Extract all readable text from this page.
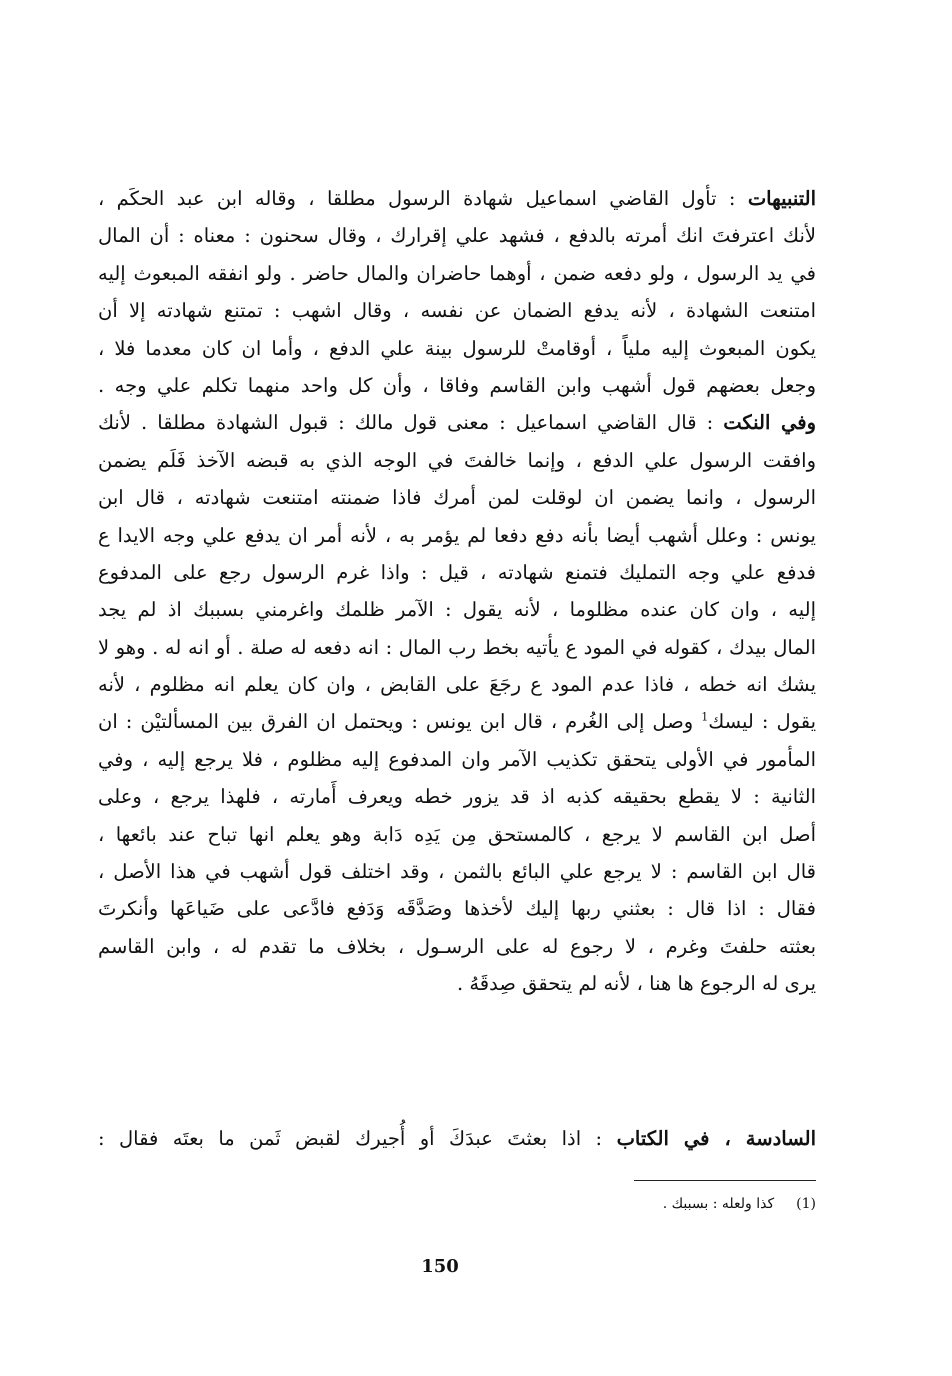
التنبيهات : تأول القاضي اسماعيل شهادة الرسول مطلقا ، وقاله ابن عبد الحكَم ،
لأنك اعترفتَ انك أمرته بالدفع ، فشهد علي إقرارك ، وقال سحنون : معناه : أن المال
في يد الرسول ، ولو دفعه ضمن ، أوهما حاضران والمال حاضر . ولو انفقه المبعوث إليه
امتنعت الشهادة ، لأنه يدفع الضمان عن نفسه ، وقال اشهب : تمتنع شهادته إلا أن
يكون المبعوث إليه ملياً ، أوقامتْ للرسول بينة علي الدفع ، وأما ان كان معدما فلا ،
وجعل بعضهم قول أشهب وابن القاسم وفاقا ، وأن كل واحد منهما تكلم علي وجه .
وفي النكت : قال القاضي اسماعيل : معنى قول مالك : قبول الشهادة مطلقا . لأنك
وافقت الرسول علي الدفع ، وإنما خالفتَ في الوجه الذي به قبضه الآخذ فَلَم يضمن
الرسول ، وانما يضمن ان لوقلت لمن أمرك فاذا ضمنته امتنعت شهادته ، قال ابن
يونس : وعلل أشهب أيضا بأنه دفع دفعا لم يؤمر به ، لأنه أمر ان يدفع علي وجه الايدا ع
فدفع علي وجه التمليك فتمنع شهادته ، قيل : واذا غرم الرسول رجع على المدفوع
إليه ، وان كان عنده مظلوما ، لأنه يقول : الآمر ظلمك واغرمني بسببك اذ لم يجد
المال بيدك ، كقوله في المود ع يأتيه بخط رب المال : انه دفعه له صلة . أو انه له . وهو لا
يشك انه خطه ، فاذا عدم المود ع رجَعَ على القابض ، وان كان يعلم انه مظلوم ، لأنه
يقول : ليسك$^1$ وصل إلى الغُرم ، قال ابن يونس : ويحتمل ان الفرق بين المسألتيْن : ان
المأمور في الأولى يتحقق تكذيب الآمر وان المدفوع إليه مظلوم ، فلا يرجع إليه ، وفي
الثانية : لا يقطع بحقيقه كذبه اذ قد يزور خطه ويعرف أَمارته ، فلهذا يرجع ، وعلى
أصل ابن القاسم لا يرجع ، كالمستحق مِن يَدِه دَابة وهو يعلم انها تباح عند بائعها ،
قال ابن القاسم : لا يرجع علي البائع بالثمن ، وقد اختلف قول أشهب في هذا الأصل ،
فقال : اذا قال : بعثني ربها إليك لأخذها وصَدَّقَه وَدَفع فادَّعى على ضَياعَها وأنكرتَ
بعثته حلفتَ وغرم ، لا رجوع له على الرسـول ، بخلاف ما تقدم له ، وابن القاسم
يرى له الرجوع ها هنا ، لأنه لم يتحقق صِدقَهُ .
السادسة ، في الكتاب : اذا بعثتَ عبدَكَ أو أُجيرك لقبض ثَمن ما بعتَه فقال :
(1)كذا ولعله : بسببك .
150
